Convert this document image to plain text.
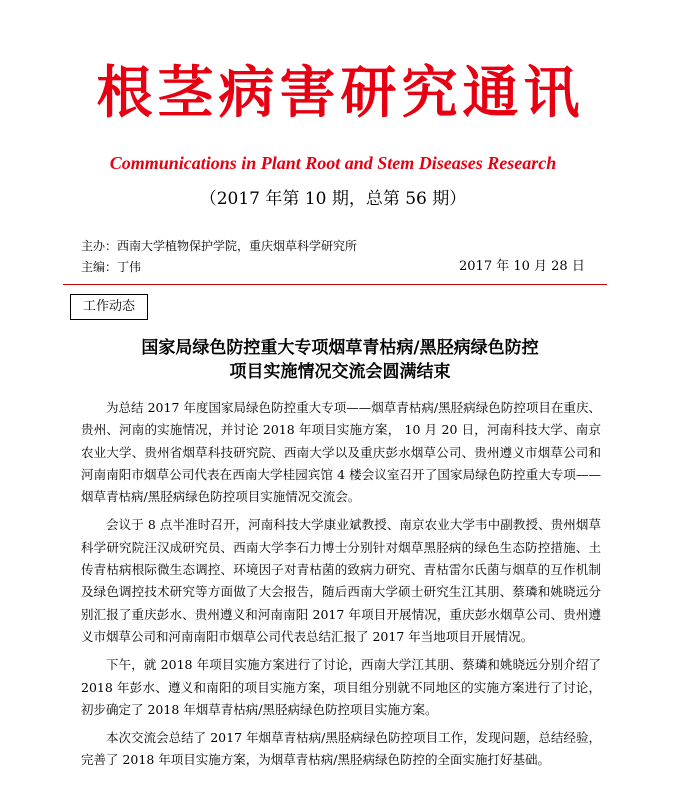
根茎病害研究通讯
Communications in Plant Root and Stem Diseases Research
（2017 年第 10 期，总第 56 期）
主办：西南大学植物保护学院，重庆烟草科学研究所
主编：丁伟	2017 年 10 月 28 日
工作动态
国家局绿色防控重大专项烟草青枯病/黑胫病绿色防控
项目实施情况交流会圆满结束

为总结 2017 年度国家局绿色防控重大专项——烟草青枯病/黑胫病绿色防控项目在重庆、贵州、河南的实施情况，并讨论 2018 年项目实施方案， 10 月 20 日，河南科技大学、南京农业大学、贵州省烟草科技研究院、西南大学以及重庆彭水烟草公司、贵州遵义市烟草公司和河南南阳市烟草公司代表在西南大学桂园宾馆 4 楼会议室召开了国家局绿色防控重大专项——烟草青枯病/黑胫病绿色防控项目实施情况交流会。

会议于 8 点半准时召开，河南科技大学康业斌教授、南京农业大学韦中副教授、贵州烟草科学研究院汪汉成研究员、西南大学李石力博士分别针对烟草黑胫病的绿色生态防控措施、土传青枯病根际微生态调控、环境因子对青枯菌的致病力研究、青枯雷尔氏菌与烟草的互作机制及绿色调控技术研究等方面做了大会报告，随后西南大学硕士研究生江其朋、蔡璘和姚晓远分别汇报了重庆彭水、贵州遵义和河南南阳 2017 年项目开展情况，重庆彭水烟草公司、贵州遵义市烟草公司和河南南阳市烟草公司代表总结汇报了 2017 年当地项目开展情况。

下午，就 2018 年项目实施方案进行了讨论，西南大学江其朋、蔡璘和姚晓远分别介绍了 2018 年彭水、遵义和南阳的项目实施方案，项目组分别就不同地区的实施方案进行了讨论，初步确定了 2018 年烟草青枯病/黑胫病绿色防控项目实施方案。

本次交流会总结了 2017 年烟草青枯病/黑胫病绿色防控项目工作，发现问题，总结经验，完善了 2018 年项目实施方案，为烟草青枯病/黑胫病绿色防控的全面实施打好基础。
